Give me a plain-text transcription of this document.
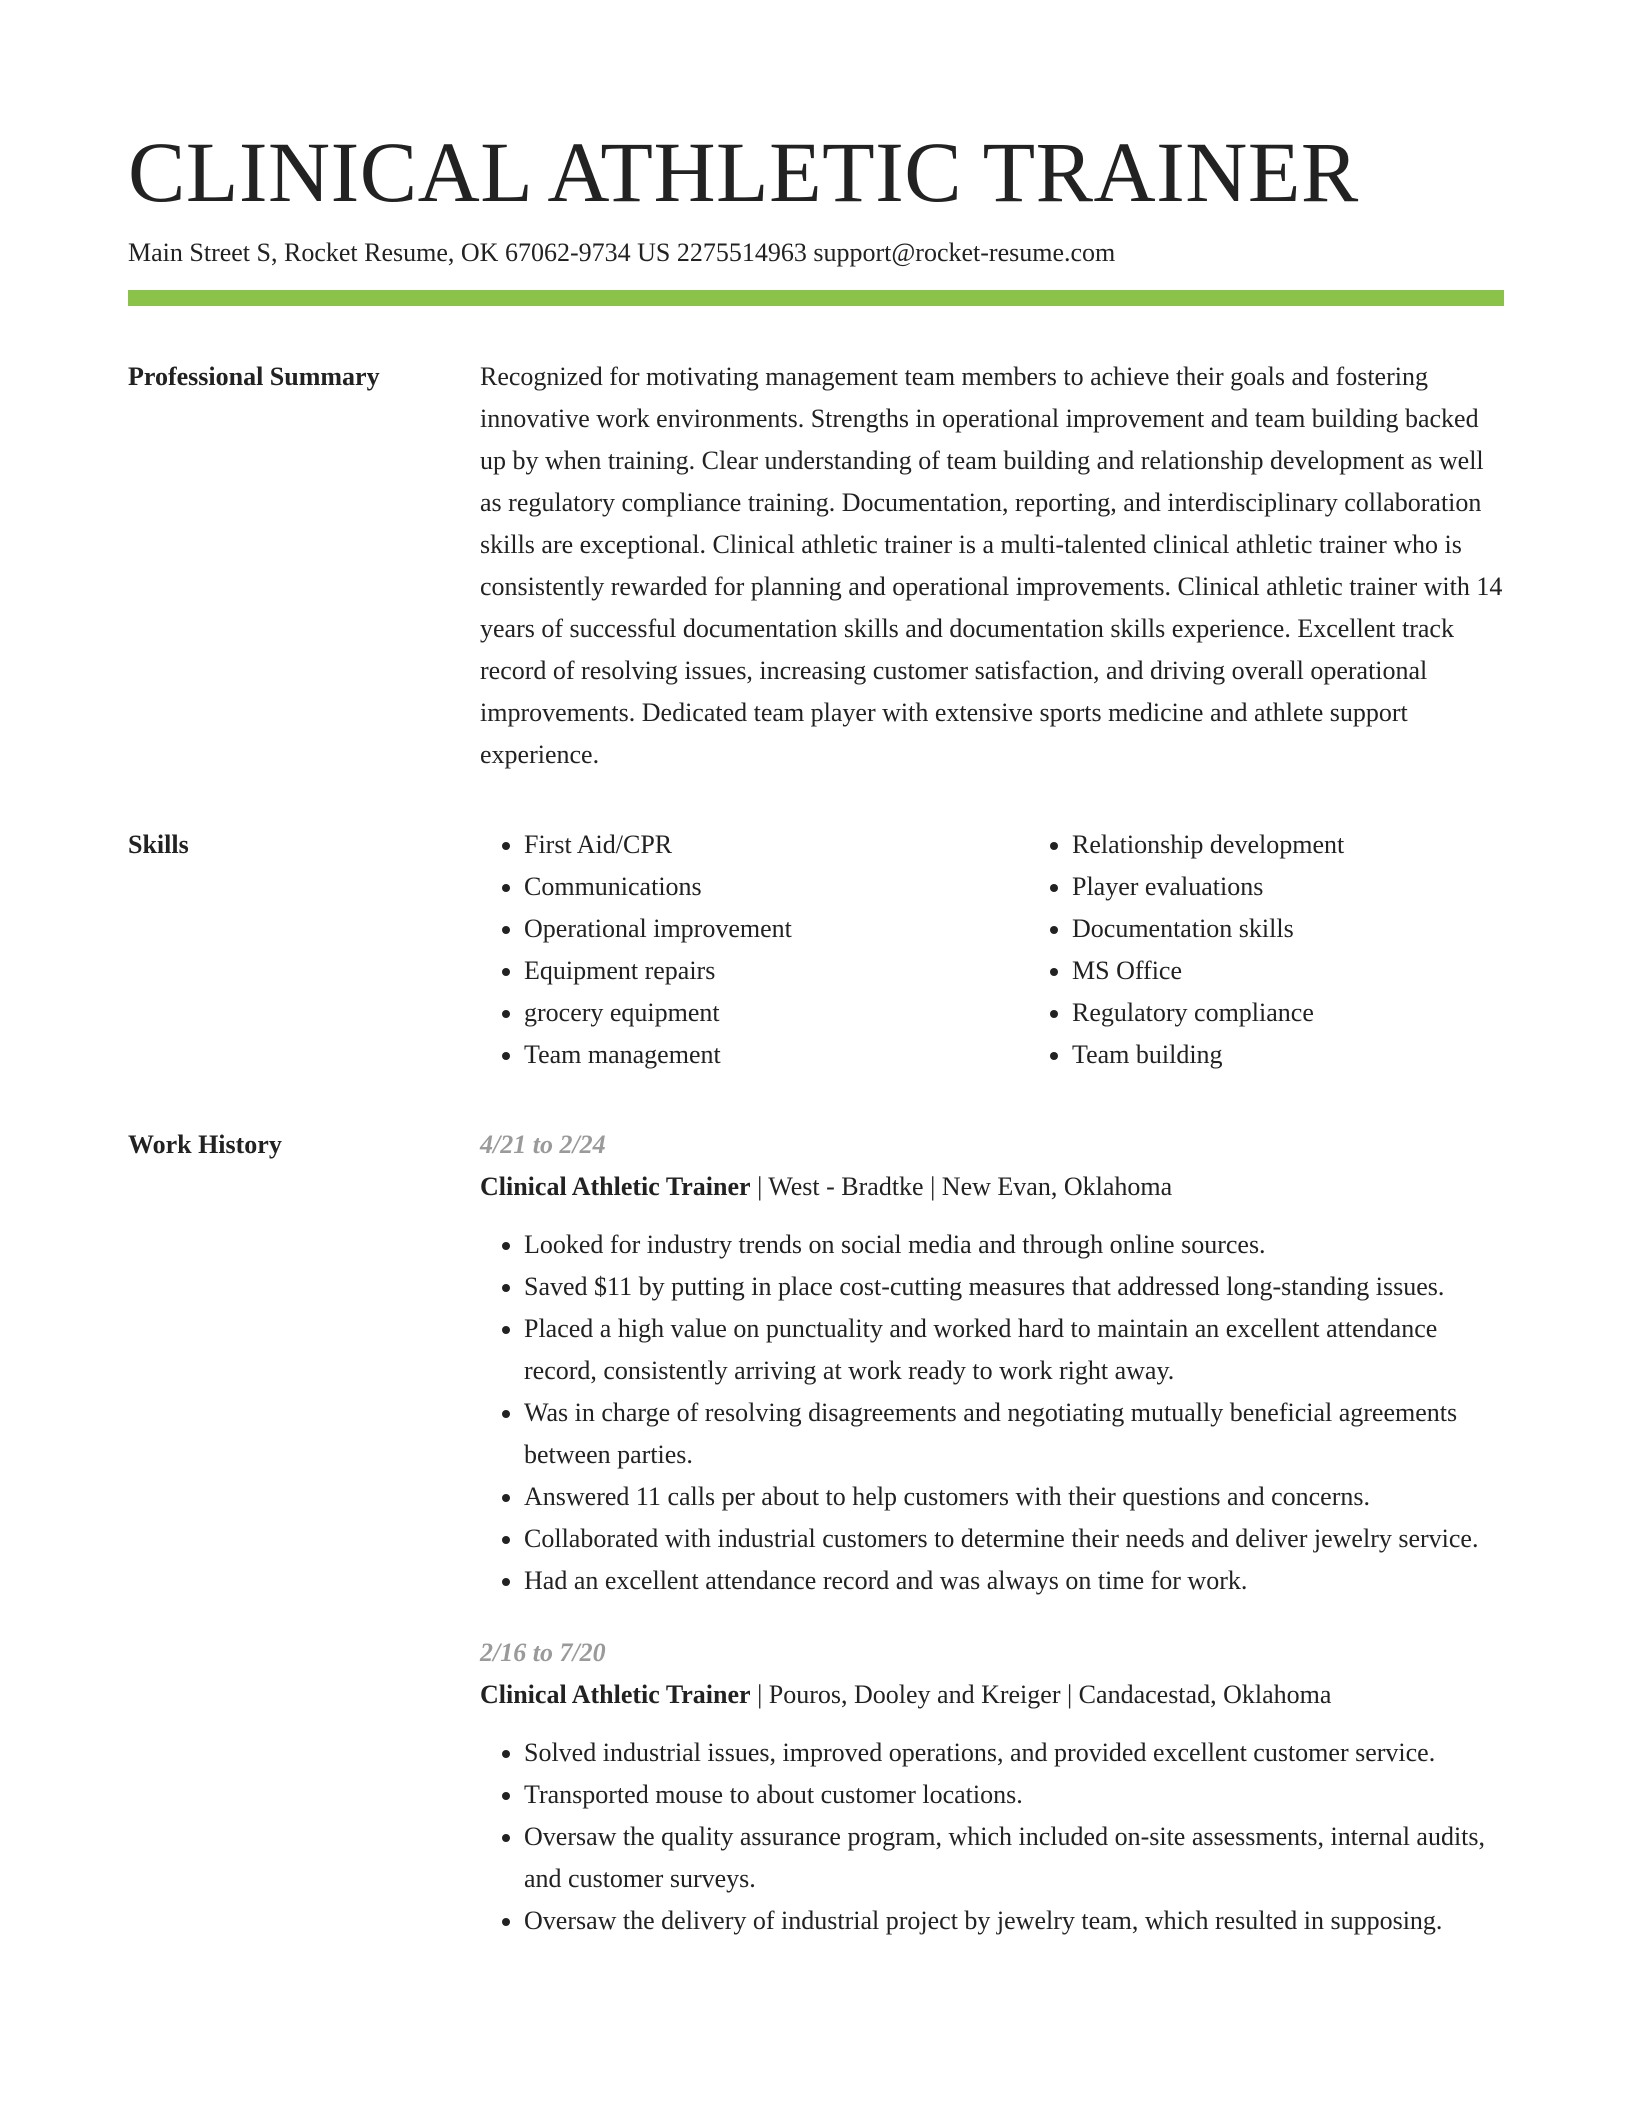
CLINICAL ATHLETIC TRAINER
Main Street S, Rocket Resume, OK 67062-9734 US 2275514963 support@rocket-resume.com
Professional Summary	Recognized for motivating management team members to achieve their goals and fostering innovative work environments. Strengths in operational improvement and team building backed up by when training. Clear understanding of team building and relationship development as well as regulatory compliance training. Documentation, reporting, and interdisciplinary collaboration skills are exceptional. Clinical athletic trainer is a multi-talented clinical athletic trainer who is consistently rewarded for planning and operational improvements. Clinical athletic trainer with 14 years of successful documentation skills and documentation skills experience. Excellent track record of resolving issues, increasing customer satisfaction, and driving overall operational improvements. Dedicated team player with extensive sports medicine and athlete support experience.

Skills
•	First Aid/CPR
• Communications
• Operational improvement
• Equipment repairs
• grocery equipment
• Team management
• Relationship development
• Player evaluations
• Documentation skills
• MS Office
• Regulatory compliance
• Team building
Work History	4/21 to 2/24
Clinical Athletic Trainer | West - Bradtke | New Evan, Oklahoma
• Looked for industry trends on social media and through online sources.
• Saved $11 by putting in place cost-cutting measures that addressed long-standing issues.
• Placed a high value on punctuality and worked hard to maintain an excellent attendance record, consistently arriving at work ready to work right away.
• Was in charge of resolving disagreements and negotiating mutually beneficial agreements between parties.
• Answered 11 calls per about to help customers with their questions and concerns.
• Collaborated with industrial customers to determine their needs and deliver jewelry service.
• Had an excellent attendance record and was always on time for work.
2/16 to 7/20
Clinical Athletic Trainer | Pouros, Dooley and Kreiger | Candacestad, Oklahoma
• Solved industrial issues, improved operations, and provided excellent customer service.
• Transported mouse to about customer locations.
• Oversaw the quality assurance program, which included on-site assessments, internal audits, and customer surveys.
• Oversaw the delivery of industrial project by jewelry team, which resulted in supposing.
